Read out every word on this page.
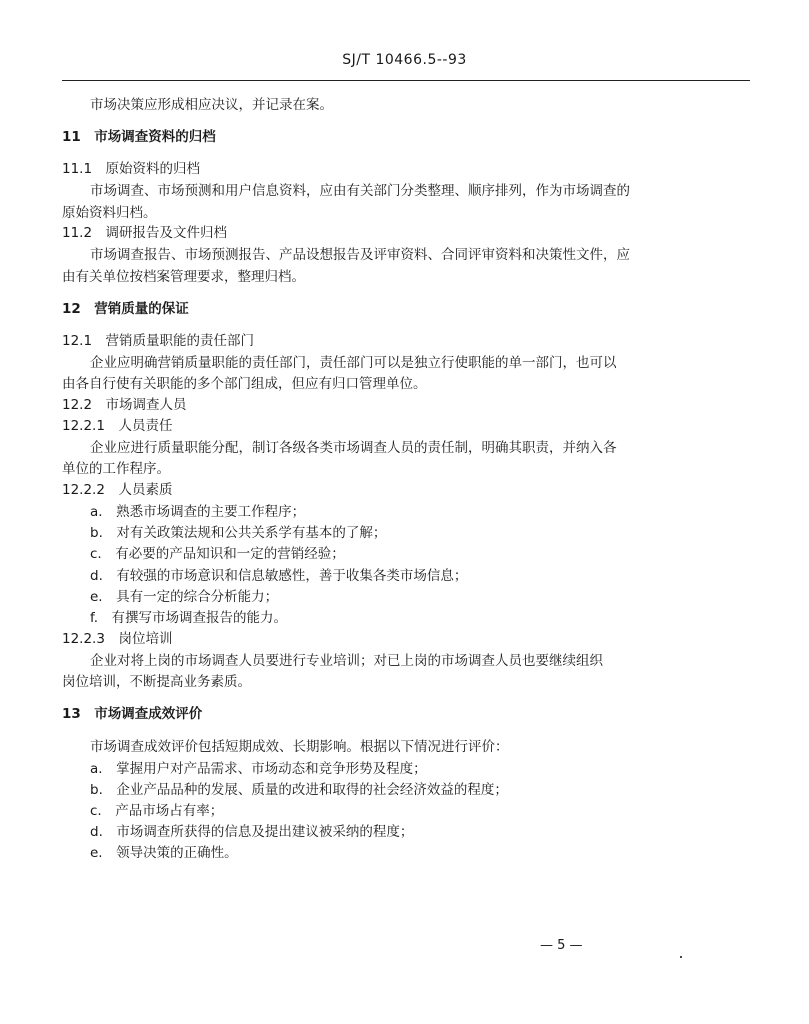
SJ/T 10466.5--93
市场决策应形成相应决议，并记录在案。
11　市场调查资料的归档
11.1　原始资料的归档
市场调查、市场预测和用户信息资料，应由有关部门分类整理、顺序排列，作为市场调查的
原始资料归档。
11.2　调研报告及文件归档
市场调查报告、市场预测报告、产品设想报告及评审资料、合同评审资料和决策性文件，应
由有关单位按档案管理要求，整理归档。
12　营销质量的保证
12.1　营销质量职能的责任部门
企业应明确营销质量职能的责任部门，责任部门可以是独立行使职能的单一部门，也可以
由各自行使有关职能的多个部门组成，但应有归口管理单位。
12.2　市场调查人员
12.2.1　人员责任
企业应进行质量职能分配，制订各级各类市场调查人员的责任制，明确其职责，并纳入各
单位的工作程序。
12.2.2　人员素质
a.　熟悉市场调查的主要工作程序；
b.　对有关政策法规和公共关系学有基本的了解；
c.　有必要的产品知识和一定的营销经验；
d.　有较强的市场意识和信息敏感性，善于收集各类市场信息；
e.　具有一定的综合分析能力；
f.　有撰写市场调查报告的能力。
12.2.3　岗位培训
企业对将上岗的市场调查人员要进行专业培训；对已上岗的市场调查人员也要继续组织
岗位培训，不断提高业务素质。
13　市场调查成效评价
市场调查成效评价包括短期成效、长期影响。根据以下情况进行评价：
a.　掌握用户对产品需求、市场动态和竞争形势及程度；
b.　企业产品品种的发展、质量的改进和取得的社会经济效益的程度；
c.　产品市场占有率；
d.　市场调查所获得的信息及提出建议被采纳的程度；
e.　领导决策的正确性。
— 5 —
